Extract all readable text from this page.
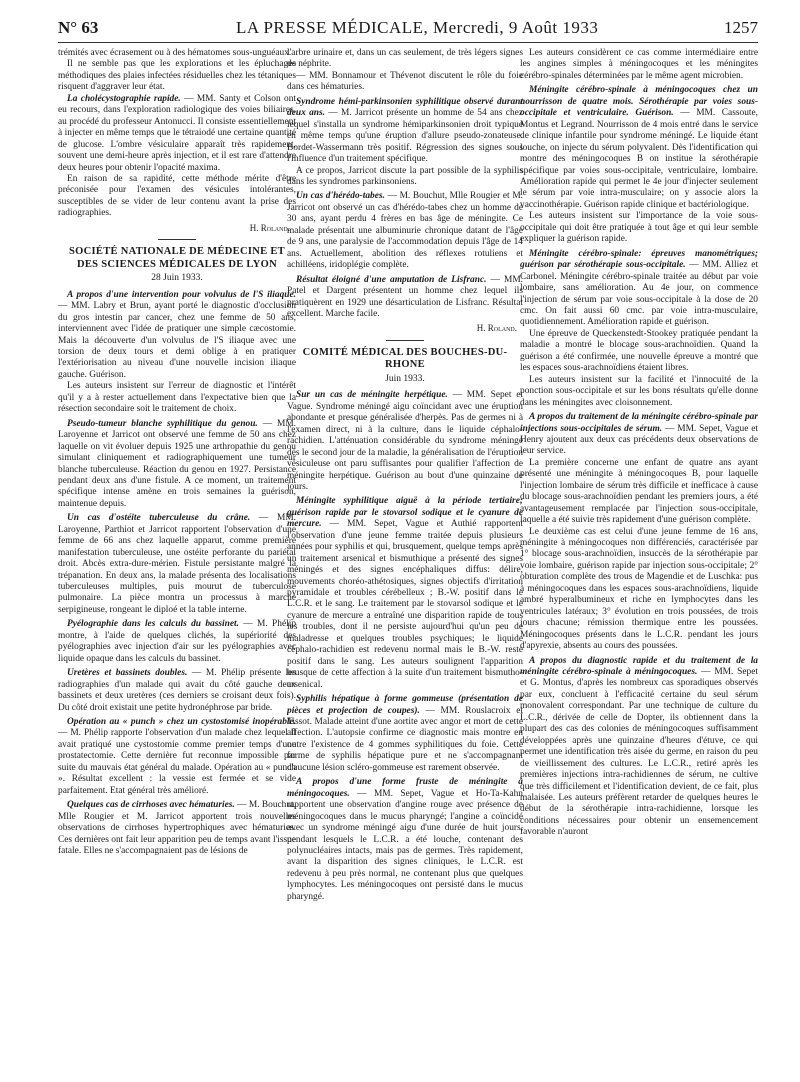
N° 63	LA PRESSE MÉDICALE, Mercredi, 9 Août 1933	1257

trémités avec écrasement ou à des hématomes sous-unguéaux.

Il ne semble pas que les explorations et les épluchages méthodiques des plaies infectées résiduelles chez les tétaniques risquent d'aggraver leur état.

La cholécystographie rapide. — MM. Santy et Colson ont eu recours, dans l'exploration radiologique des voies biliaires, au procédé du professeur Antonucci. Il consiste essentiellement à injecter en même temps que le tétraiodé une certaine quantité de glucose. L'ombre vésiculaire apparaît très rapidement, souvent une demi-heure après injection, et il est rare d'attendre deux heures pour obtenir l'opacité maxima.

En raison de sa rapidité, cette méthode mérite d'être préconisée pour l'examen des vésicules intolérantes, susceptibles de se vider de leur contenu avant la prise des radiographies.

H. Roland.
SOCIÉTÉ NATIONALE DE MÉDECINE ET DES SCIENCES MÉDICALES DE LYON
28 Juin 1933.

A propos d'une intervention pour volvulus de l'S iliaque. — MM. Labry et Brun, ayant porté le diagnostic d'occlusion du gros intestin par cancer, chez une femme de 50 ans, interviennent avec l'idée de pratiquer une simple cæcostomie. Mais la découverte d'un volvulus de l'S iliaque avec une torsion de deux tours et demi oblige à en pratiquer l'extériorisation au niveau d'une nouvelle incision iliaque gauche. Guérison.

Les auteurs insistent sur l'erreur de diagnostic et l'intérêt qu'il y a à rester actuellement dans l'expectative bien que la résection secondaire soit le traitement de choix.

Pseudo-tumeur blanche syphilitique du genou. — MM. Laroyenne et Jarricot ont observé une femme de 50 ans chez laquelle on vit évoluer depuis 1925 une arthropathie du genou simulant cliniquement et radiographiquement une tumeur blanche tuberculeuse. Réaction du genou en 1927. Persistance pendant deux ans d'une fistule. A ce moment, un traitement spécifique intense amène en trois semaines la guérison, maintenue depuis.

Un cas d'ostéite tuberculeuse du crâne. — MM. Laroyenne, Parthiot et Jarricot rapportent l'observation d'une femme de 66 ans chez laquelle apparut, comme première manifestation tuberculeuse, une ostéite perforante du pariétal droit. Abcès extra-dure-mérien. Fistule persistante malgré la trépanation. En deux ans, la malade présenta des localisations tuberculeuses multiples, puis mourut de tuberculose pulmonaire. La pièce montra un processus à marche serpigineuse, rongeant le diploé et la table interne.

Pyélographie dans les calculs du bassinet. — M. Phélip montre, à l'aide de quelques clichés, la supériorité des pyélographies avec injection d'air sur les pyélographies avec liquide opaque dans les calculs du bassinet.

Uretères et bassinets doubles. — M. Phélip présente les radiographies d'un malade qui avait du côté gauche deux bassinets et deux uretères (ces derniers se croisant deux fois). Du côté droit existait une petite hydronéphrose par bride.

Opération au « punch » chez un cystostomisé inopérable. — M. Phélip rapporte l'observation d'un malade chez lequel il avait pratiqué une cystostomie comme premier temps d'une prostatectomie. Cette dernière fut reconnue impossible par suite du mauvais état général du malade. Opération au « punch ». Résultat excellent : la vessie est fermée et se vide parfaitement. Etat général très amélioré.

Quelques cas de cirrhoses avec hématuries. — M. Bouchut, Mlle Rougier et M. Jarricot apportent trois nouvelles observations de cirrhoses hypertrophiques avec hématuries. Ces dernières ont fait leur apparition peu de temps avant l'issue fatale. Elles ne s'accompagnaient pas de lésions de

l'arbre urinaire et, dans un cas seulement, de très légers signes de néphrite.

— MM. Bonnamour et Thévenot discutent le rôle du foie dans ces hématuries.

Syndrome hémi-parkinsonien syphilitique observé durant deux ans. — M. Jarricot présente un homme de 54 ans chez lequel s'installa un syndrome hémiparkinsonien droit typique en même temps qu'une éruption d'allure pseudo-zonateuse. Bordet-Wassermann très positif. Régression des signes sous l'influence d'un traitement spécifique.

A ce propos, Jarricot discute la part possible de la syphilis dans les syndromes parkinsoniens.

Un cas d'hérédo-tabes. — M. Bouchut, Mlle Rougier et M. Jarricot ont observé un cas d'hérédo-tabes chez un homme de 30 ans, ayant perdu 4 frères en bas âge de méningite. Ce malade présentait une albuminurie chronique datant de l'âge de 9 ans, une paralysie de l'accommodation depuis l'âge de 14 ans. Actuellement, abolition des réflexes rotuliens et achilléens, iridoplégie complète.

Résultat éloigné d'une amputation de Lisfranc. — MM. Patel et Dargent présentent un homme chez lequel ils pratiquèrent en 1929 une désarticulation de Lisfranc. Résultat excellent. Marche facile.

H. Roland.
COMITÉ MÉDICAL DES BOUCHES-DU-RHONE
Juin 1933.

Sur un cas de méningite herpétique. — MM. Sepet et Vague. Syndrome méningé aigu coïncidant avec une éruption abondante et presque généralisée d'herpès. Pas de germes ni à l'examen direct, ni à la culture, dans le liquide céphalo-rachidien. L'atténuation considérable du syndrome méningé dès le second jour de la maladie, la généralisation de l'éruption vésiculeuse ont paru suffisantes pour qualifier l'affection de méningite herpétique. Guérison au bout d'une quinzaine de jours.

Méningite syphilitique aiguë à la période tertiaire; guérison rapide par le stovarsol sodique et le cyanure de mercure. — MM. Sepet, Vague et Authié rapportent l'observation d'une jeune femme traitée depuis plusieurs années pour syphilis et qui, brusquement, quelque temps après un traitement arsenical et bismuthique a présenté des signes méningés et des signes encéphaliques diffus: délire, mouvements choréo-athétosiques, signes objectifs d'irritation pyramidale et troubles cérébelleux ; B.-W. positif dans le L.C.R. et le sang. Le traitement par le stovarsol sodique et le cyanure de mercure a entraîné une disparition rapide de tous les troubles, dont il ne persiste aujourd'hui qu'un peu de maladresse et quelques troubles psychiques; le liquide céphalo-rachidien est redevenu normal mais le B.-W. reste positif dans le sang. Les auteurs soulignent l'apparition brusque de cette affection à la suite d'un traitement bismutho-arsenical.

Syphilis hépatique à forme gommeuse (présentation de pièces et projection de coupes). — MM. Rouslacroix et Tissot. Malade atteint d'une aortite avec angor et mort de cette affection. L'autopsie confirme ce diagnostic mais montre en outre l'existence de 4 gommes syphilitiques du foie. Cette forme de syphilis hépatique pure et ne s'accompagnant d'aucune lésion scléro-gommeuse est rarement observée.

A propos d'une forme fruste de méningite à méningocoques. — MM. Sepet, Vague et Ho-Ta-Kahn rapportent une observation d'angine rouge avec présence de méningocoques dans le mucus pharyngé; l'angine a coïncidé avec un syndrome méningé aigu d'une durée de huit jours, pendant lesquels le L.C.R. a été louche, contenant des polynucléaires intacts, mais pas de germes. Très rapidement, avant la disparition des signes cliniques, le L.C.R. est redevenu à peu près normal, ne contenant plus que quelques lymphocytes. Les méningocoques ont persisté dans le mucus pharyngé.

Les auteurs considèrent ce cas comme intermédiaire entre les angines simples à méningocoques et les méningites cérébro-spinales déterminées par le même agent microbien.

Méningite cérébro-spinale à méningocoques chez un nourrisson de quatre mois. Sérothérapie par voies sous-occipitale et ventriculaire. Guérison. — MM. Cassoute, Montus et Legrand. Nourrisson de 4 mois entré dans le service de clinique infantile pour syndrome méningé. Le liquide étant louche, on injecte du sérum polyvalent. Dès l'identification qui montre des méningocoques B on institue la sérothérapie spécifique par voies sous-occipitale, ventriculaire, lombaire. Amélioration rapide qui permet le 4e jour d'injecter seulement le sérum par voie intra-musculaire; on y associe alors la vaccinothérapie. Guérison rapide clinique et bactériologique.

Les auteurs insistent sur l'importance de la voie sous-occipitale qui doit être pratiquée à tout âge et qui leur semble expliquer la guérison rapide.

Méningite cérébro-spinale: épreuves manométriques; guérison par sérothérapie sous-occipitale. — MM. Alliez et Carbonel. Méningite cérébro-spinale traitée au début par voie lombaire, sans amélioration. Au 4e jour, on commence l'injection de sérum par voie sous-occipitale à la dose de 20 cmc. On fait aussi 60 cmc. par voie intra-musculaire, quotidiennement. Amélioration rapide et guérison.

Une épreuve de Queckenstedt-Stookey pratiquée pendant la maladie a montré le blocage sous-arachnoïdien. Quand la guérison a été confirmée, une nouvelle épreuve a montré que les espaces sous-arachnoïdiens étaient libres.

Les auteurs insistent sur la facilité et l'innocuité de la ponction sous-occipitale et sur les bons résultats qu'elle donne dans les méningites avec cloisonnement.

A propos du traitement de la méningite cérébro-spinale par injections sous-occipitales de sérum. — MM. Sepet, Vague et Henry ajoutent aux deux cas précédents deux observations de leur service.

La première concerne une enfant de quatre ans ayant présenté une méningite à méningocoques B, pour laquelle l'injection lombaire de sérum très difficile et inefficace à cause du blocage sous-arachnoïdien pendant les premiers jours, a été avantageusement remplacée par l'injection sous-occipitale, laquelle a été suivie très rapidement d'une guérison complète.

Le deuxième cas est celui d'une jeune femme de 16 ans, méningite à méningocoques non différenciés, caractérisée par 1° blocage sous-arachnoïdien, insuccès de la sérothérapie par voie lombaire, guérison rapide par injection sous-occipitale; 2° obturation complète des trous de Magendie et de Luschka: pus à méningocoques dans les espaces sous-arachnoïdiens, liquide ambré hyperalbumineux et riche en lymphocytes dans les ventricules latéraux; 3° évolution en trois poussées, de trois jours chacune; rémission thermique entre les poussées. Méningocoques présents dans le L.C.R. pendant les jours d'apyrexie, absents au cours des poussées.

A propos du diagnostic rapide et du traitement de la méningite cérébro-spinale à méningocoques. — MM. Sepet et G. Montus, d'après les nombreux cas sporadiques observés par eux, concluent à l'efficacité certaine du seul sérum monovalent correspondant. Par une technique de culture du L.C.R., dérivée de celle de Dopter, ils obtiennent dans la plupart des cas des colonies de méningocoques suffisamment développées après une quinzaine d'heures d'étuve, ce qui permet une identification très aisée du germe, en raison du peu de vieillissement des cultures. Le L.C.R., retiré après les premières injections intra-rachidiennes de sérum, ne cultive que très difficilement et l'identification devient, de ce fait, plus malaisée. Les auteurs préfèrent retarder de quelques heures le début de la sérothérapie intra-rachidienne, lorsque les conditions nécessaires pour obtenir un ensemencement favorable n'auront
